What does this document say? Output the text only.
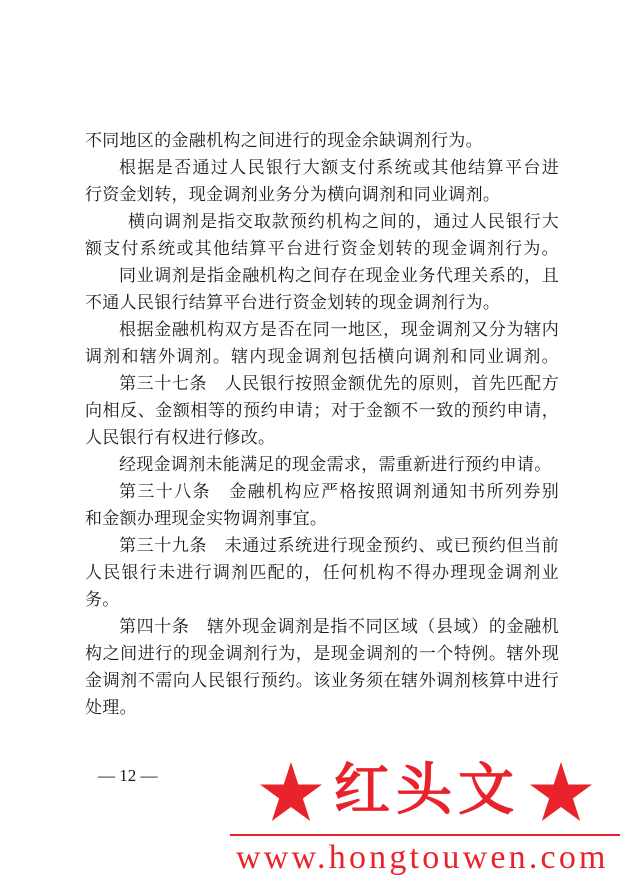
不同地区的金融机构之间进行的现金余缺调剂行为。
根据是否通过人民银行大额支付系统或其他结算平台进
行资金划转，现金调剂业务分为横向调剂和同业调剂。
横向调剂是指交取款预约机构之间的，通过人民银行大
额支付系统或其他结算平台进行资金划转的现金调剂行为。
同业调剂是指金融机构之间存在现金业务代理关系的，且
不通人民银行结算平台进行资金划转的现金调剂行为。
根据金融机构双方是否在同一地区，现金调剂又分为辖内
调剂和辖外调剂。辖内现金调剂包括横向调剂和同业调剂。
第三十七条　人民银行按照金额优先的原则，首先匹配方
向相反、金额相等的预约申请；对于金额不一致的预约申请，
人民银行有权进行修改。
经现金调剂未能满足的现金需求，需重新进行预约申请。
第三十八条　金融机构应严格按照调剂通知书所列券别
和金额办理现金实物调剂事宜。
第三十九条　未通过系统进行现金预约、或已预约但当前
人民银行未进行调剂匹配的，任何机构不得办理现金调剂业
务。
第四十条　辖外现金调剂是指不同区域（县域）的金融机
构之间进行的现金调剂行为，是现金调剂的一个特例。辖外现
金调剂不需向人民银行预约。该业务须在辖外调剂核算中进行
处理。
— 12 —	红头文
www.hongtouwen.com
